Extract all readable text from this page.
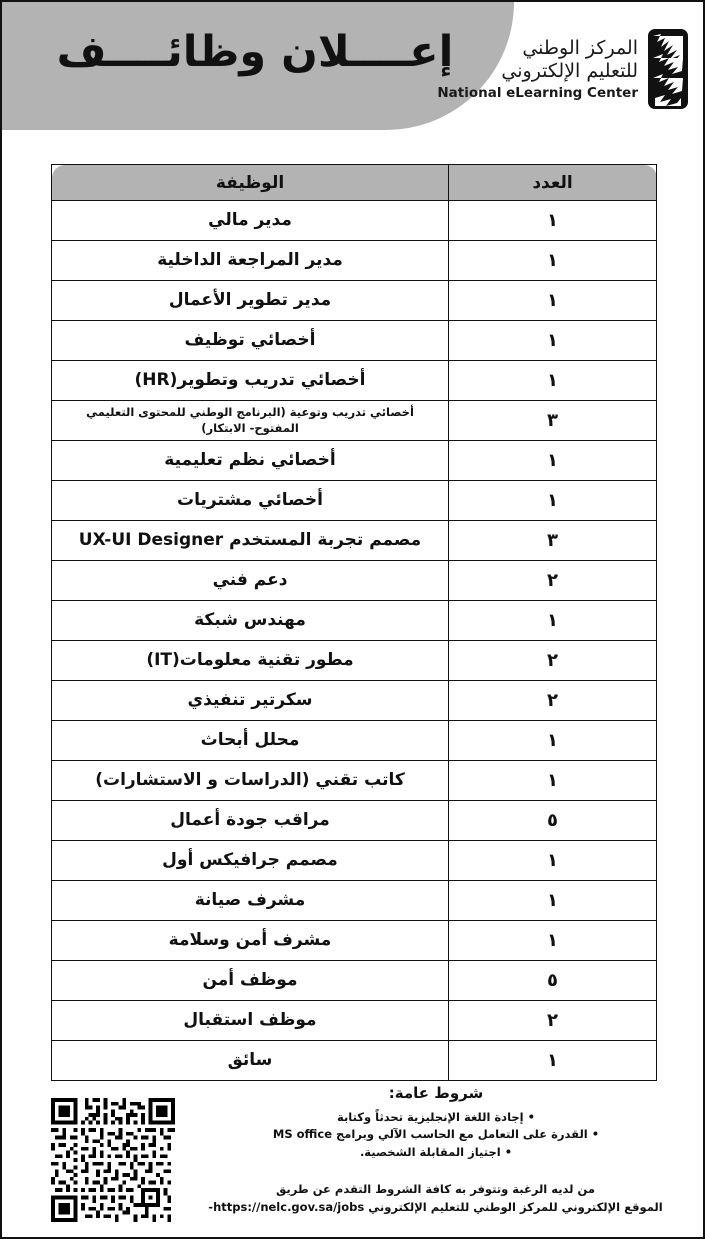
إعــــلان وظائــــف	المركز الوطني
للتعليم الإلكتروني
National eLearning Center
العدد	الوظيفة
١	مدير مالي
١	مدير المراجعة الداخلية
١	مدير تطوير الأعمال
١	أخصائي توظيف
١	أخصائي تدريب وتطوير(HR)
٣	أخصائي تدريب وتوعية (البرنامج الوطني للمحتوى التعليمي المفتوح- الابتكار)
١	أخصائي نظم تعليمية
١	أخصائي مشتريات
٣	مصمم تجربة المستخدم UX-UI Designer
٢	دعم فني
١	مهندس شبكة
٢	مطور تقنية معلومات(IT)
٢	سكرتير تنفيذي
١	محلل أبحاث
١	كاتب تقني (الدراسات و الاستشارات)
٥	مراقب جودة أعمال
١	مصمم جرافيكس أول
١	مشرف صيانة
١	مشرف أمن وسلامة
٥	موظف أمن
٢	موظف استقبال
١	سائق
شروط عامة:
• إجادة اللغة الإنجليزية تحدثاً وكتابة
• القدرة على التعامل مع الحاسب الآلي وبرامج MS office
• اجتياز المقابلة الشخصية.
من لديه الرغبة وتتوفر به كافة الشروط التقدم عن طريق
الموقع الإلكتروني للمركز الوطني للتعليم الإلكتروني https://nelc.gov.sa/jobs-
